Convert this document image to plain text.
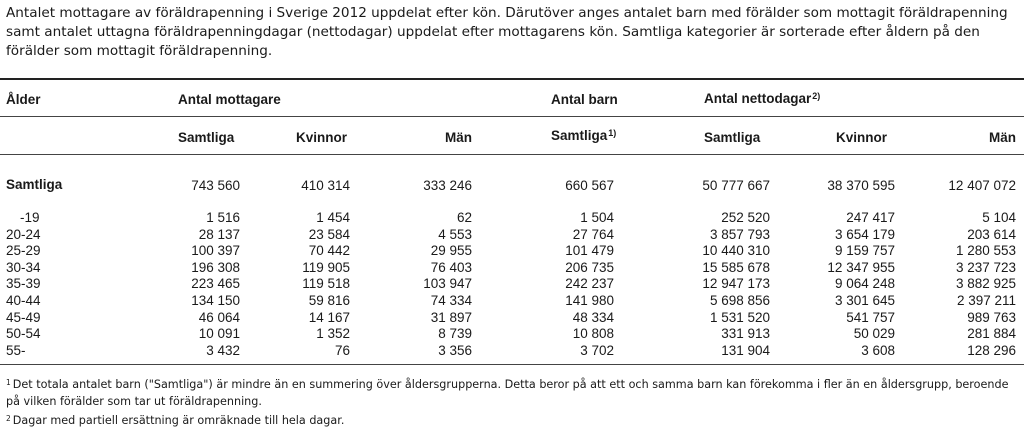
Antalet mottagare av föräldrapenning i Sverige 2012 uppdelat efter kön. Därutöver anges antalet barn med förälder som mottagit föräldrapenning samt antalet uttagna föräldrapenningdagar (nettodagar) uppdelat efter mottagarens kön. Samtliga kategorier är sorterade efter åldern på den förälder som mottagit föräldrapenning.
Ålder	Antal mottagare	Antal barn	Antal nettodagar$^{2)}$
Samtliga	Kvinnor	Män	Samtliga$^{1)}$	Samtliga	Kvinnor	Män
Samtliga	743 560	410 314	333 246	660 567	50 777 667	38 370 595	12 407 072
-19	1 516	1 454	62	1 504	252 520	247 417	5 104
20-24	28 137	23 584	4 553	27 764	3 857 793	3 654 179	203 614
25-29	100 397	70 442	29 955	101 479	10 440 310	9 159 757	1 280 553
30-34	196 308	119 905	76 403	206 735	15 585 678	12 347 955	3 237 723
35-39	223 465	119 518	103 947	242 237	12 947 173	9 064 248	3 882 925
40-44	134 150	59 816	74 334	141 980	5 698 856	3 301 645	2 397 211
45-49	46 064	14 167	31 897	48 334	1 531 520	541 757	989 763
50-54	10 091	1 352	8 739	10 808	331 913	50 029	281 884
55-	3 432	76	3 356	3 702	131 904	3 608	128 296
$^1$ Det totala antalet barn ("Samtliga") är mindre än en summering över åldersgrupperna. Detta beror på att ett och samma barn kan förekomma i fler än en åldersgrupp, beroende på vilken förälder som tar ut föräldrapenning.
$^2$ Dagar med partiell ersättning är omräknade till hela dagar.
